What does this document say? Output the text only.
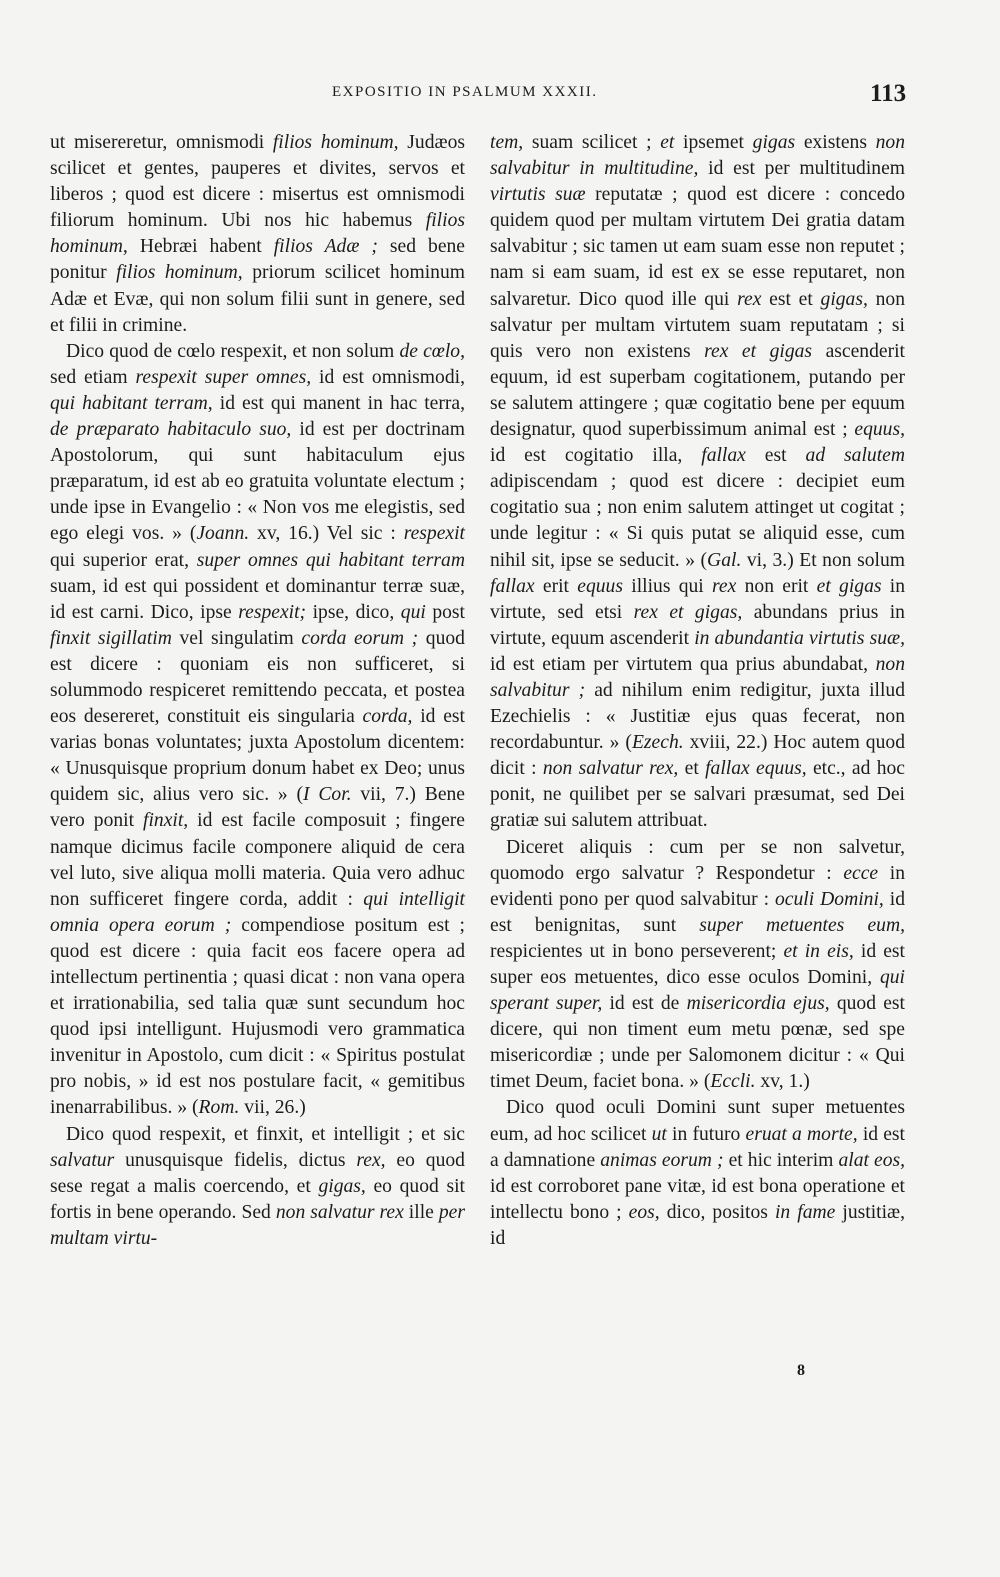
EXPOSITIO IN PSALMUM XXXII.	113

ut misereretur, omnismodi filios hominum, Judæos scilicet et gentes, pauperes et divites, servos et liberos ; quod est dicere : misertus est omnismodi filiorum hominum. Ubi nos hic habemus filios hominum, Hebræi habent filios Adæ ; sed bene ponitur filios hominum, priorum scilicet hominum Adæ et Evæ, qui non solum filii sunt in genere, sed et filii in crimine.

Dico quod de cœlo respexit, et non solum de cœlo, sed etiam respexit super omnes, id est omnismodi, qui habitant terram, id est qui manent in hac terra, de præparato habitaculo suo, id est per doctrinam Apostolorum, qui sunt habitaculum ejus præparatum, id est ab eo gratuita voluntate electum ; unde ipse in Evangelio : « Non vos me elegistis, sed ego elegi vos. » (Joann. xv, 16.) Vel sic : respexit qui superior erat, super omnes qui habitant terram suam, id est qui possident et dominantur terræ suæ, id est carni. Dico, ipse respexit; ipse, dico, qui post finxit sigillatim vel singulatim corda eorum ; quod est dicere : quoniam eis non sufficeret, si solummodo respiceret remittendo peccata, et postea eos desereret, constituit eis singularia corda, id est varias bonas voluntates; juxta Apostolum dicentem: « Unusquisque proprium donum habet ex Deo; unus quidem sic, alius vero sic. » (I Cor. vii, 7.) Bene vero ponit finxit, id est facile composuit ; fingere namque dicimus facile componere aliquid de cera vel luto, sive aliqua molli materia. Quia vero adhuc non sufficeret fingere corda, addit : qui intelligit omnia opera eorum ; compendiose positum est ; quod est dicere : quia facit eos facere opera ad intellectum pertinentia ; quasi dicat : non vana opera et irrationabilia, sed talia quæ sunt secundum hoc quod ipsi intelligunt. Hujusmodi vero grammatica invenitur in Apostolo, cum dicit : « Spiritus postulat pro nobis, » id est nos postulare facit, « gemitibus inenarrabilibus. » (Rom. vii, 26.)

Dico quod respexit, et finxit, et intelligit ; et sic salvatur unusquisque fidelis, dictus rex, eo quod sese regat a malis coercendo, et gigas, eo quod sit fortis in bene operando. Sed non salvatur rex ille per multam virtu-

tem, suam scilicet ; et ipsemet gigas existens non salvabitur in multitudine, id est per multitudinem virtutis suæ reputatæ ; quod est dicere : concedo quidem quod per multam virtutem Dei gratia datam salvabitur ; sic tamen ut eam suam esse non reputet ; nam si eam suam, id est ex se esse reputaret, non salvaretur. Dico quod ille qui rex est et gigas, non salvatur per multam virtutem suam reputatam ; si quis vero non existens rex et gigas ascenderit equum, id est superbam cogitationem, putando per se salutem attingere ; quæ cogitatio bene per equum designatur, quod superbissimum animal est ; equus, id est cogitatio illa, fallax est ad salutem adipiscendam ; quod est dicere : decipiet eum cogitatio sua ; non enim salutem attinget ut cogitat ; unde legitur : « Si quis putat se aliquid esse, cum nihil sit, ipse se seducit. » (Gal. vi, 3.) Et non solum fallax erit equus illius qui rex non erit et gigas in virtute, sed etsi rex et gigas, abundans prius in virtute, equum ascenderit in abundantia virtutis suæ, id est etiam per virtutem qua prius abundabat, non salvabitur ; ad nihilum enim redigitur, juxta illud Ezechielis : « Justitiæ ejus quas fecerat, non recordabuntur. » (Ezech. xviii, 22.) Hoc autem quod dicit : non salvatur rex, et fallax equus, etc., ad hoc ponit, ne quilibet per se salvari præsumat, sed Dei gratiæ sui salutem attribuat.

Diceret aliquis : cum per se non salvetur, quomodo ergo salvatur ? Respondetur : ecce in evidenti pono per quod salvabitur : oculi Domini, id est benignitas, sunt super metuentes eum, respicientes ut in bono perseverent; et in eis, id est super eos metuentes, dico esse oculos Domini, qui sperant super, id est de misericordia ejus, quod est dicere, qui non timent eum metu pœnæ, sed spe misericordiæ ; unde per Salomonem dicitur : « Qui timet Deum, faciet bona. » (Eccli. xv, 1.)

Dico quod oculi Domini sunt super metuentes eum, ad hoc scilicet ut in futuro eruat a morte, id est a damnatione animas eorum ; et hic interim alat eos, id est corroboret pane vitæ, id est bona operatione et intellectu bono ; eos, dico, positos in fame justitiæ, id

8
